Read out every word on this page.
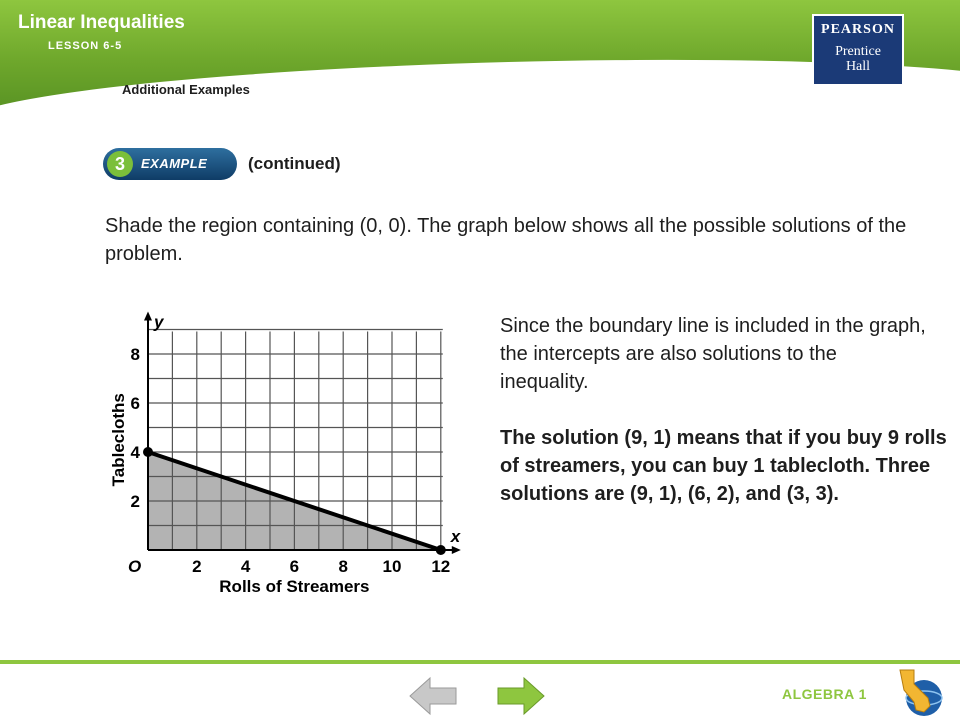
Linear Inequalities
LESSON 6-5
Additional Examples
PEARSON
Prentice
Hall
3	EXAMPLE (continued)
Shade the region containing (0, 0). The graph below shows all the possible solutions of the problem.
2 4 6 8 10 12
2
4
6
8
O
x
y
Rolls of Streamers
Tablecloths
Since the boundary line is included in the graph, the intercepts are also solutions to the inequality.
The solution (9, 1) means that if you buy 9 rolls of streamers, you can buy 1 tablecloth. Three solutions are (9, 1), (6, 2), and (3, 3).
ALGEBRA 1
